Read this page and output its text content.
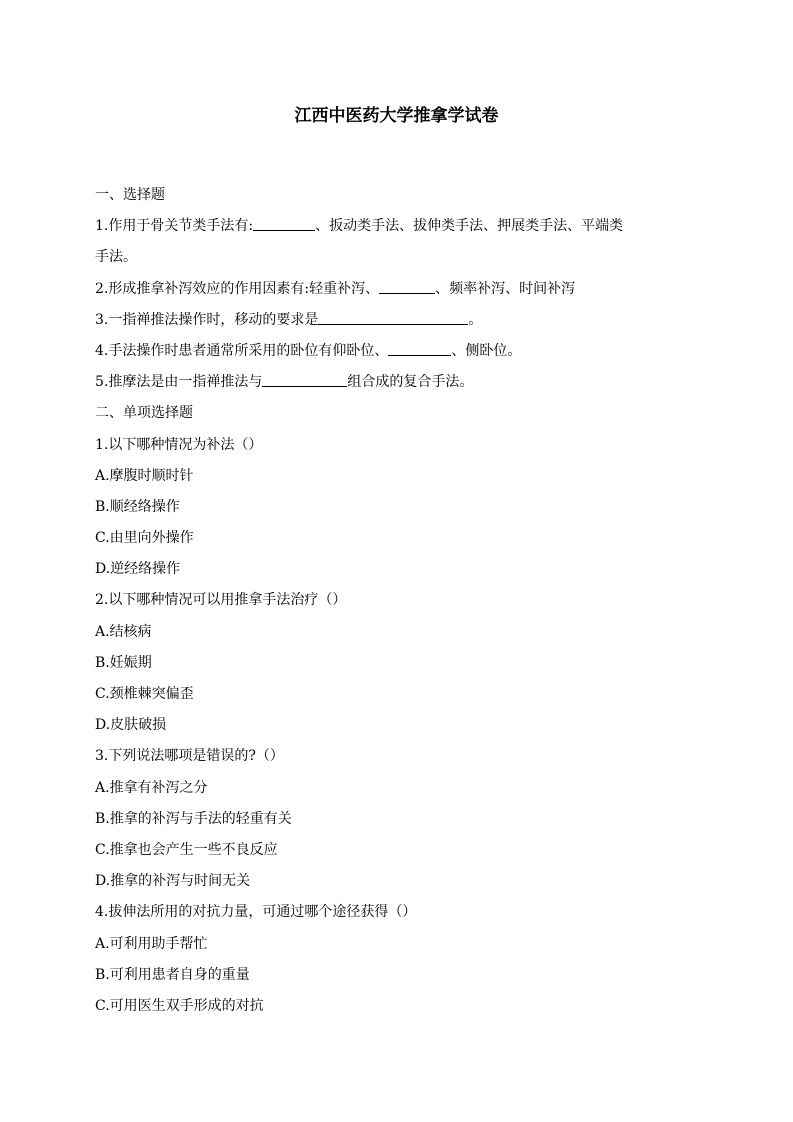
江西中医药大学推拿学试卷
一、选择题
1.作用于骨关节类手法有:	、扳动类手法、拔伸类手法、押展类手法、平端类
手法。
2.形成推拿补泻效应的作用因素有:轻重补泻、	、频率补泻、时间补泻
3.一指禅推法操作时，移动的要求是	。
4.手法操作时患者通常所采用的卧位有仰卧位、	、侧卧位。
5.推摩法是由一指禅推法与	组合成的复合手法。
二、单项选择题
1.以下哪种情况为补法（）
A.摩腹时顺时针
B.顺经络操作
C.由里向外操作
D.逆经络操作
2.以下哪种情况可以用推拿手法治疗（）
A.结核病
B.妊娠期
C.颈椎棘突偏歪
D.皮肤破损
3.下列说法哪项是错误的?（）
A.推拿有补泻之分
B.推拿的补泻与手法的轻重有关
C.推拿也会产生一些不良反应
D.推拿的补泻与时间无关
4.拔伸法所用的对抗力量，可通过哪个途径获得（）
A.可利用助手帮忙
B.可利用患者自身的重量
C.可用医生双手形成的对抗
